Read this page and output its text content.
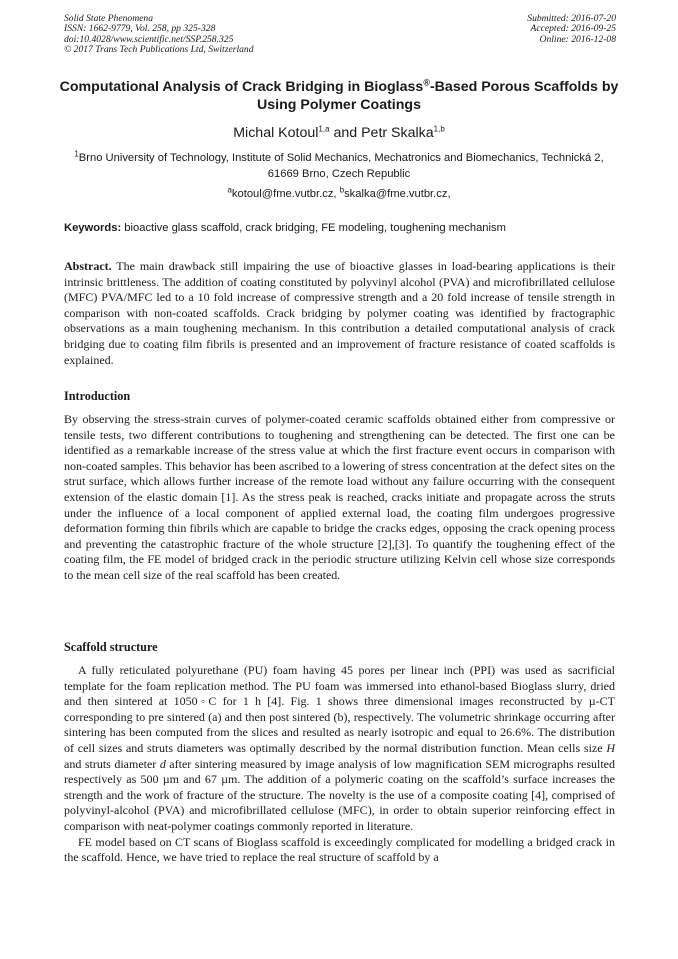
Solid State Phenomena
ISSN: 1662-9779, Vol. 258, pp 325-328
doi:10.4028/www.scientific.net/SSP.258.325
© 2017 Trans Tech Publications Ltd, Switzerland
Submitted: 2016-07-20
Accepted: 2016-09-25
Online: 2016-12-08
Computational Analysis of Crack Bridging in Bioglass®-Based Porous Scaffolds by Using Polymer Coatings
Michal Kotoul$^{1,a}$ and Petr Skalka$^{1,b}$
$^1$Brno University of Technology, Institute of Solid Mechanics, Mechatronics and Biomechanics, Technická 2, 61669 Brno, Czech Republic
$^a$kotoul@fme.vutbr.cz, $^b$skalka@fme.vutbr.cz,
Keywords: bioactive glass scaffold, crack bridging, FE modeling, toughening mechanism
Abstract. The main drawback still impairing the use of bioactive glasses in load-bearing applications is their intrinsic brittleness. The addition of coating constituted by polyvinyl alcohol (PVA) and microfibrillated cellulose (MFC) PVA/MFC led to a 10 fold increase of compressive strength and a 20 fold increase of tensile strength in comparison with non-coated scaffolds. Crack bridging by polymer coating was identified by fractographic observations as a main toughening mechanism. In this contribution a detailed computational analysis of crack bridging due to coating film fibrils is presented and an improvement of fracture resistance of coated scaffolds is explained.
Introduction
By observing the stress-strain curves of polymer-coated ceramic scaffolds obtained either from compressive or tensile tests, two different contributions to toughening and strengthening can be detected. The first one can be identified as a remarkable increase of the stress value at which the first fracture event occurs in comparison with non-coated samples. This behavior has been ascribed to a lowering of stress concentration at the defect sites on the strut surface, which allows further increase of the remote load without any failure occurring with the consequent extension of the elastic domain [1]. As the stress peak is reached, cracks initiate and propagate across the struts under the influence of a local component of applied external load, the coating film undergoes progressive deformation forming thin fibrils which are capable to bridge the cracks edges, opposing the crack opening process and preventing the catastrophic fracture of the whole structure [2],[3]. To quantify the toughening effect of the coating film, the FE model of bridged crack in the periodic structure utilizing Kelvin cell whose size corresponds to the mean cell size of the real scaffold has been created.
Scaffold structure

A fully reticulated polyurethane (PU) foam having 45 pores per linear inch (PPI) was used as sacrificial template for the foam replication method. The PU foam was immersed into ethanol-based Bioglass slurry, dried and then sintered at 1050◦C for 1 h [4]. Fig. 1 shows three dimensional images reconstructed by µ-CT corresponding to pre sintered (a) and then post sintered (b), respectively. The volumetric shrinkage occurring after sintering has been computed from the slices and resulted as nearly isotropic and equal to 26.6%. The distribution of cell sizes and struts diameters was optimally described by the normal distribution function. Mean cells size H and struts diameter d after sintering measured by image analysis of low magnification SEM micrographs resulted respectively as 500 µm and 67 µm. The addition of a polymeric coating on the scaffold’s surface increases the strength and the work of fracture of the structure. The novelty is the use of a composite coating [4], comprised of polyvinyl-alcohol (PVA) and microfibrillated cellulose (MFC), in order to obtain superior reinforcing effect in comparison with neat-polymer coatings commonly reported in literature.

FE model based on CT scans of Bioglass scaffold is exceedingly complicated for modelling a bridged crack in the scaffold. Hence, we have tried to replace the real structure of scaffold by a
